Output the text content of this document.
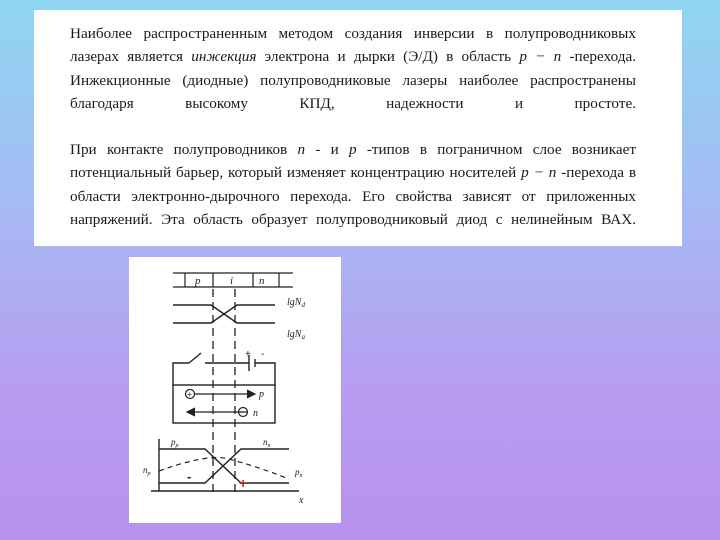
Наиболее распространенным методом создания инверсии в полупроводниковых лазерах является инжекция электрона и дырки (Э/Д) в область p − n -перехода. Инжекционные (диодные) полупроводниковые лазеры наиболее распространены благодаря высокому КПД, надежности и простоте.

При контакте полупроводников n - и p -типов в пограничном слое возникает потенциальный барьер, который изменяет концентрацию носителей p − n -перехода в области электронно-дырочного перехода. Его свойства зависят от приложенных напряжений. Эта область образует полупроводниковый диод с нелинейным ВАХ.

p	i n
lgN$_d$
lgN$_a$
+ -
+
−
p
n
$p_p$	$n_n$
$n_p$	$p_n$
-	+
x
